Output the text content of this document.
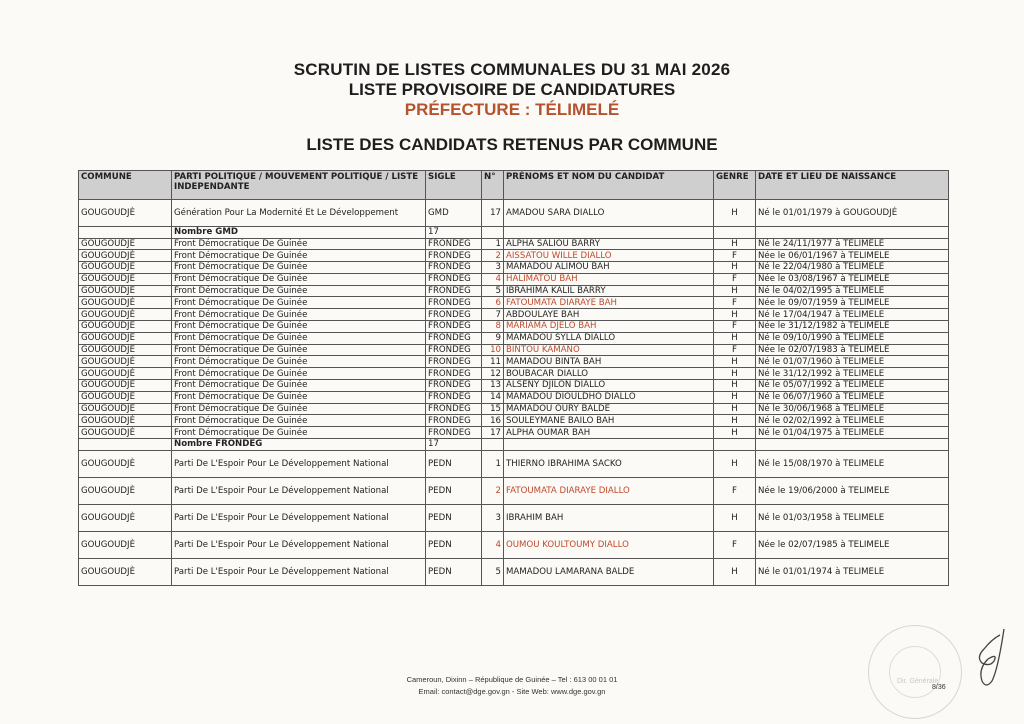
SCRUTIN DE LISTES COMMUNALES DU 31 MAI 2026
LISTE PROVISOIRE DE CANDIDATURES
PRÉFECTURE : TÉLIMELÉ
LISTE DES CANDIDATS RETENUS PAR COMMUNE
COMMUNE	PARTI POLITIQUE / MOUVEMENT POLITIQUE / LISTE INDEPENDANTE	SIGLE	N°	PRÉNOMS ET NOM DU CANDIDAT	GENRE	DATE ET LIEU DE NAISSANCE
GOUGOUDJÈ	Génération Pour La Modernité Et Le Développement	GMD	17	AMADOU SARA DIALLO	H	Né le 01/01/1979 à GOUGOUDJÉ
	Nombre GMD	17				
GOUGOUDJÈ	Front Démocratique De Guinée	FRONDEG	1	ALPHA SALIOU BARRY	H	Né le 24/11/1977 à TELIMELE
GOUGOUDJÈ	Front Démocratique De Guinée	FRONDEG	2	AISSATOU WILLE DIALLO	F	Née le 06/01/1967 à TELIMELE
GOUGOUDJÈ	Front Démocratique De Guinée	FRONDEG	3	MAMADOU ALIMOU BAH	H	Né le 22/04/1980 à TELIMELE
GOUGOUDJÈ	Front Démocratique De Guinée	FRONDEG	4	HALIMATOU BAH	F	Née le 03/08/1967 à TELIMELE
GOUGOUDJÈ	Front Démocratique De Guinée	FRONDEG	5	IBRAHIMA KALIL BARRY	H	Né le 04/02/1995 à TELIMELE
GOUGOUDJÈ	Front Démocratique De Guinée	FRONDEG	6	FATOUMATA DIARAYE BAH	F	Née le 09/07/1959 à TELIMELE
GOUGOUDJÈ	Front Démocratique De Guinée	FRONDEG	7	ABDOULAYE BAH	H	Né le 17/04/1947 à TELIMELE
GOUGOUDJÈ	Front Démocratique De Guinée	FRONDEG	8	MARIAMA DJELO BAH	F	Née le 31/12/1982 à TELIMELE
GOUGOUDJÈ	Front Démocratique De Guinée	FRONDEG	9	MAMADOU SYLLA DIALLO	H	Né le 09/10/1990 à TELIMELE
GOUGOUDJÈ	Front Démocratique De Guinée	FRONDEG	10	BINTOU KAMANO	F	Née le 02/07/1983 à TELIMELE
GOUGOUDJÈ	Front Démocratique De Guinée	FRONDEG	11	MAMADOU BINTA BAH	H	Né le 01/07/1960 à TELIMELE
GOUGOUDJÈ	Front Démocratique De Guinée	FRONDEG	12	BOUBACAR DIALLO	H	Né le 31/12/1992 à TELIMELE
GOUGOUDJÈ	Front Démocratique De Guinée	FRONDEG	13	ALSENY DJILON DIALLO	H	Né le 05/07/1992 à TELIMELE
GOUGOUDJÈ	Front Démocratique De Guinée	FRONDEG	14	MAMADOU DIOULDHO DIALLO	H	Né le 06/07/1960 à TELIMELE
GOUGOUDJÈ	Front Démocratique De Guinée	FRONDEG	15	MAMADOU OURY BALDE	H	Né le 30/06/1968 à TELIMELE
GOUGOUDJÈ	Front Démocratique De Guinée	FRONDEG	16	SOULEYMANE BAILO BAH	H	Né le 02/02/1992 à TELIMELE
GOUGOUDJÈ	Front Démocratique De Guinée	FRONDEG	17	ALPHA OUMAR BAH	H	Né le 01/04/1975 à TELIMELE
	Nombre FRONDEG	17				
GOUGOUDJÈ	Parti De L'Espoir Pour Le Développement National	PEDN	1	THIERNO IBRAHIMA SACKO	H	Né le 15/08/1970 à TELIMELE
GOUGOUDJÈ	Parti De L'Espoir Pour Le Développement National	PEDN	2	FATOUMATA DIARAYE DIALLO	F	Née le 19/06/2000 à TELIMELE
GOUGOUDJÈ	Parti De L'Espoir Pour Le Développement National	PEDN	3	IBRAHIM BAH	H	Né le 01/03/1958 à TELIMELE
GOUGOUDJÈ	Parti De L'Espoir Pour Le Développement National	PEDN	4	OUMOU KOULTOUMY DIALLO	F	Née le 02/07/1985 à TELIMELE
GOUGOUDJÈ	Parti De L'Espoir Pour Le Développement National	PEDN	5	MAMADOU LAMARANA BALDE	H	Né le 01/01/1974 à TELIMELE
Cameroun, Dixinn – République de Guinée – Tel : 613 00 01 01
Email: contact@dge.gov.gn - Site Web: www.dge.gov.gn
Dir. Générale
8/36
